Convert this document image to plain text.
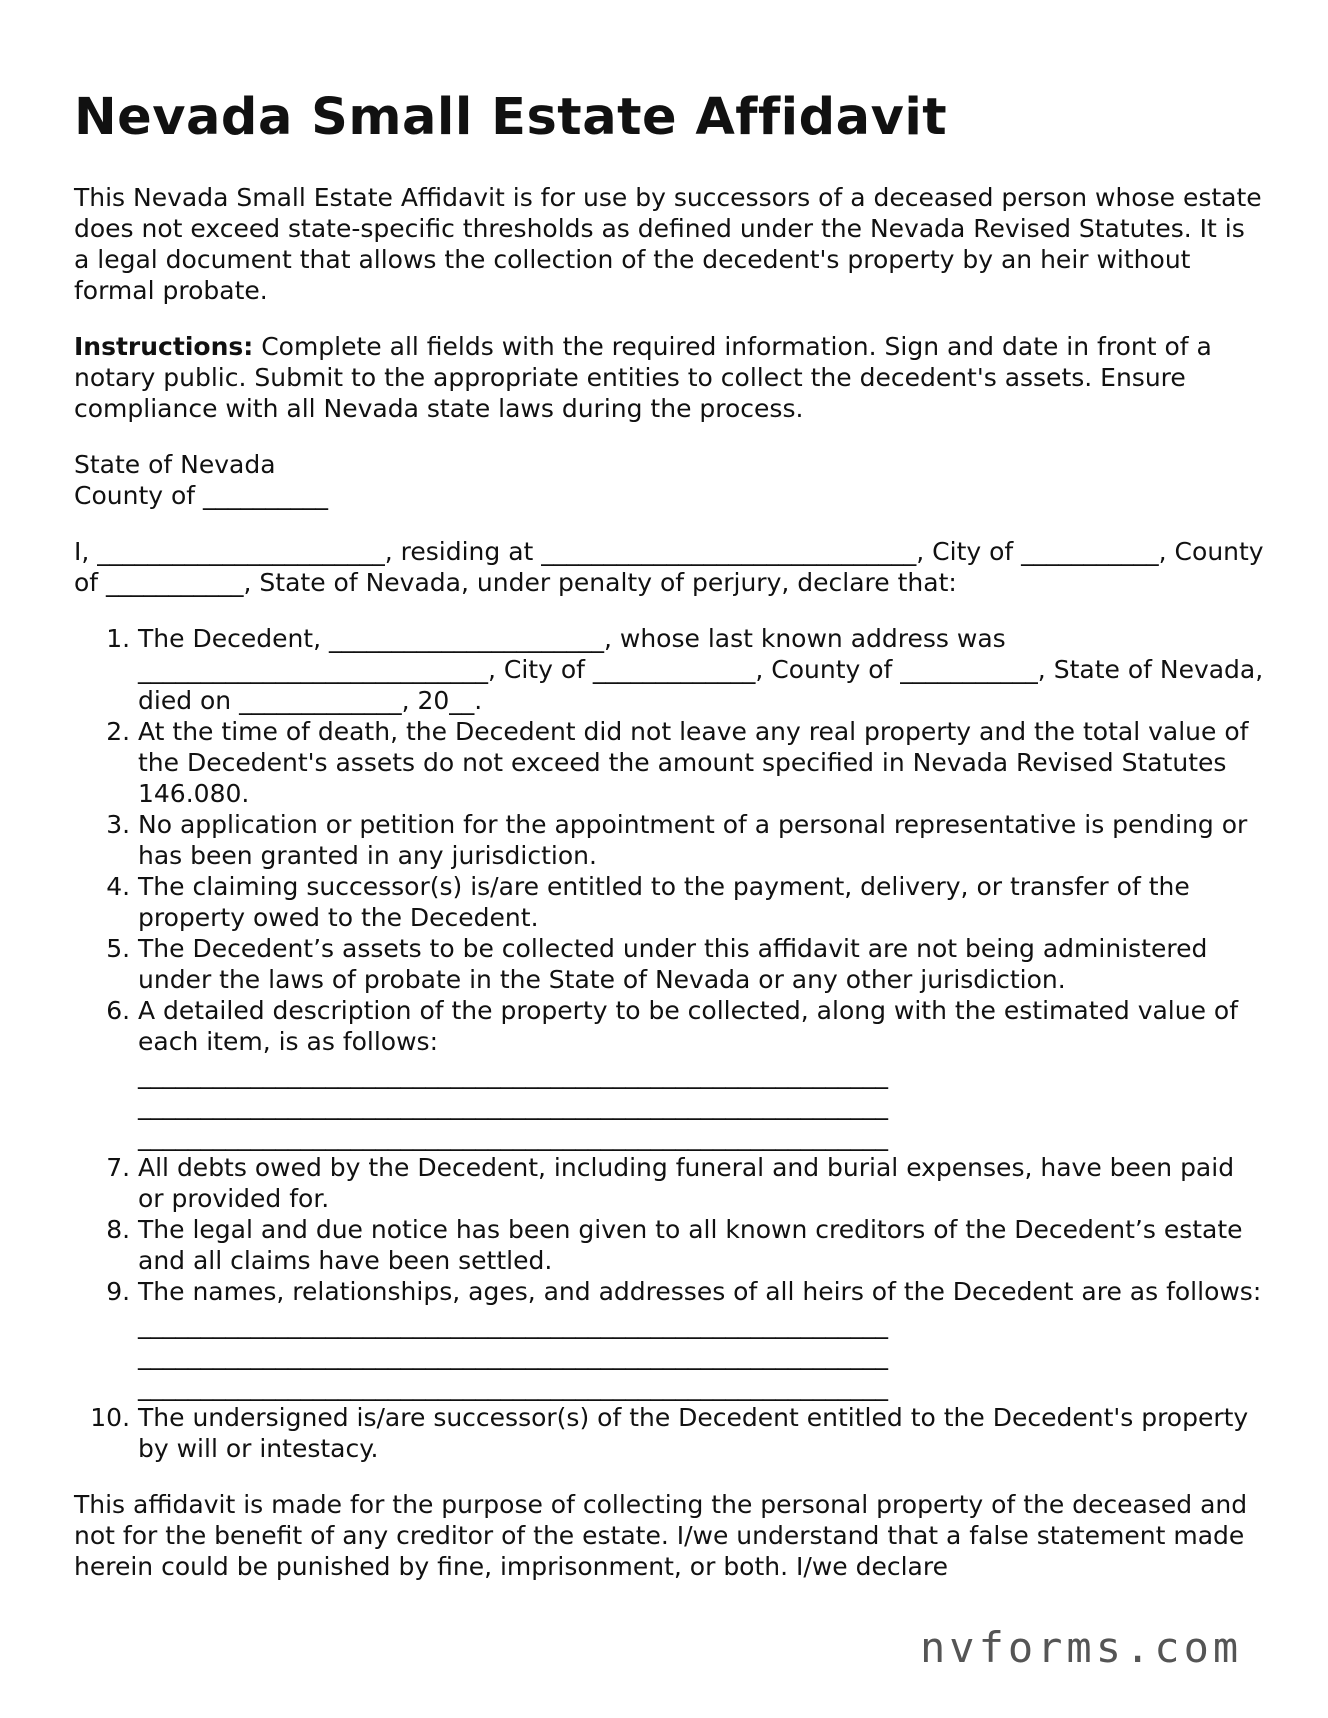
Nevada Small Estate Affidavit

This Nevada Small Estate Affidavit is for use by successors of a deceased person whose estate does not exceed state-specific thresholds as defined under the Nevada Revised Statutes. It is a legal document that allows the collection of the decedent's property by an heir without formal probate.

Instructions: Complete all fields with the required information. Sign and date in front of a notary public. Submit to the appropriate entities to collect the decedent's assets. Ensure compliance with all Nevada state laws during the process.

State of Nevada
County of __________

I, _______________________, residing at ______________________________, City of ___________, County of ___________, State of Nevada, under penalty of perjury, declare that:

1. The Decedent, ______________________, whose last known address was ____________________________, City of _____________, County of ___________, State of Nevada, died on _____________, 20__.
2. At the time of death, the Decedent did not leave any real property and the total value of the Decedent's assets do not exceed the amount specified in Nevada Revised Statutes 146.080.
3. No application or petition for the appointment of a personal representative is pending or has been granted in any jurisdiction.
4. The claiming successor(s) is/are entitled to the payment, delivery, or transfer of the property owed to the Decedent.
5. The Decedent’s assets to be collected under this affidavit are not being administered under the laws of probate in the State of Nevada or any other jurisdiction.
6. A detailed description of the property to be collected, along with the estimated value of each item, is as follows:
____________________________________________________________
____________________________________________________________
____________________________________________________________
7. All debts owed by the Decedent, including funeral and burial expenses, have been paid or provided for.
8. The legal and due notice has been given to all known creditors of the Decedent’s estate and all claims have been settled.
9. The names, relationships, ages, and addresses of all heirs of the Decedent are as follows:
____________________________________________________________
____________________________________________________________
____________________________________________________________
10. The undersigned is/are successor(s) of the Decedent entitled to the Decedent's property by will or intestacy.

This affidavit is made for the purpose of collecting the personal property of the deceased and not for the benefit of any creditor of the estate. I/we understand that a false statement made herein could be punished by fine, imprisonment, or both. I/we declare

nvforms.com
